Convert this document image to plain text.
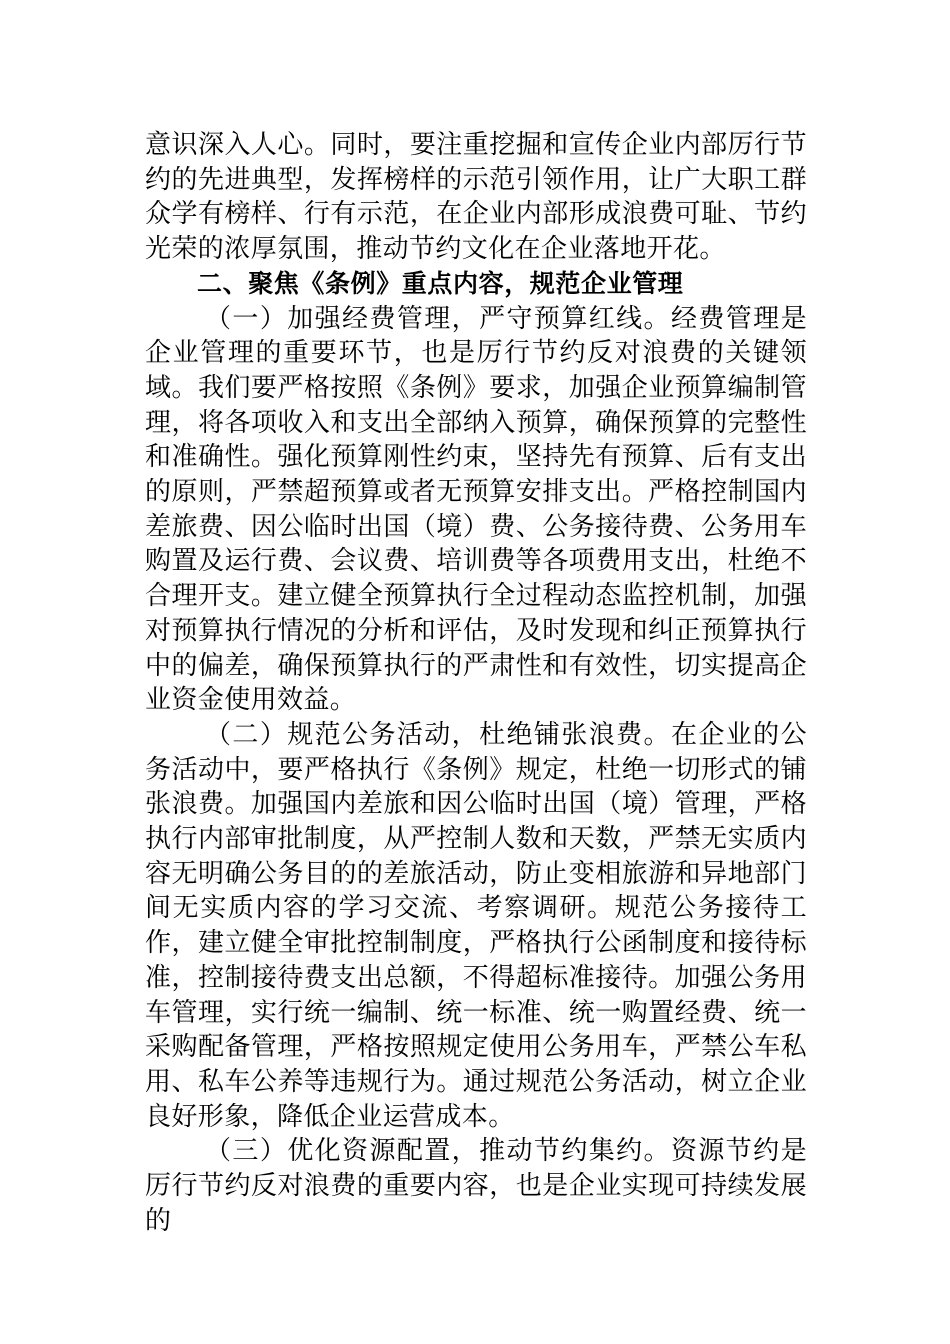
意识深入人心。同时，要注重挖掘和宣传企业内部厉行节约的先进典型，发挥榜样的示范引领作用，让广大职工群众学有榜样、行有示范，在企业内部形成浪费可耻、节约光荣的浓厚氛围，推动节约文化在企业落地开花。

二、聚焦《条例》重点内容，规范企业管理

（一）加强经费管理，严守预算红线。经费管理是企业管理的重要环节，也是厉行节约反对浪费的关键领域。我们要严格按照《条例》要求，加强企业预算编制管理，将各项收入和支出全部纳入预算，确保预算的完整性和准确性。强化预算刚性约束，坚持先有预算、后有支出的原则，严禁超预算或者无预算安排支出。严格控制国内差旅费、因公临时出国（境）费、公务接待费、公务用车购置及运行费、会议费、培训费等各项费用支出，杜绝不合理开支。建立健全预算执行全过程动态监控机制，加强对预算执行情况的分析和评估，及时发现和纠正预算执行中的偏差，确保预算执行的严肃性和有效性，切实提高企业资金使用效益。

（二）规范公务活动，杜绝铺张浪费。在企业的公务活动中，要严格执行《条例》规定，杜绝一切形式的铺张浪费。加强国内差旅和因公临时出国（境）管理，严格执行内部审批制度，从严控制人数和天数，严禁无实质内容无明确公务目的的差旅活动，防止变相旅游和异地部门间无实质内容的学习交流、考察调研。规范公务接待工作，建立健全审批控制制度，严格执行公函制度和接待标准，控制接待费支出总额，不得超标准接待。加强公务用车管理，实行统一编制、统一标准、统一购置经费、统一采购配备管理，严格按照规定使用公务用车，严禁公车私用、私车公养等违规行为。通过规范公务活动，树立企业良好形象，降低企业运营成本。

（三）优化资源配置，推动节约集约。资源节约是厉行节约反对浪费的重要内容，也是企业实现可持续发展的
